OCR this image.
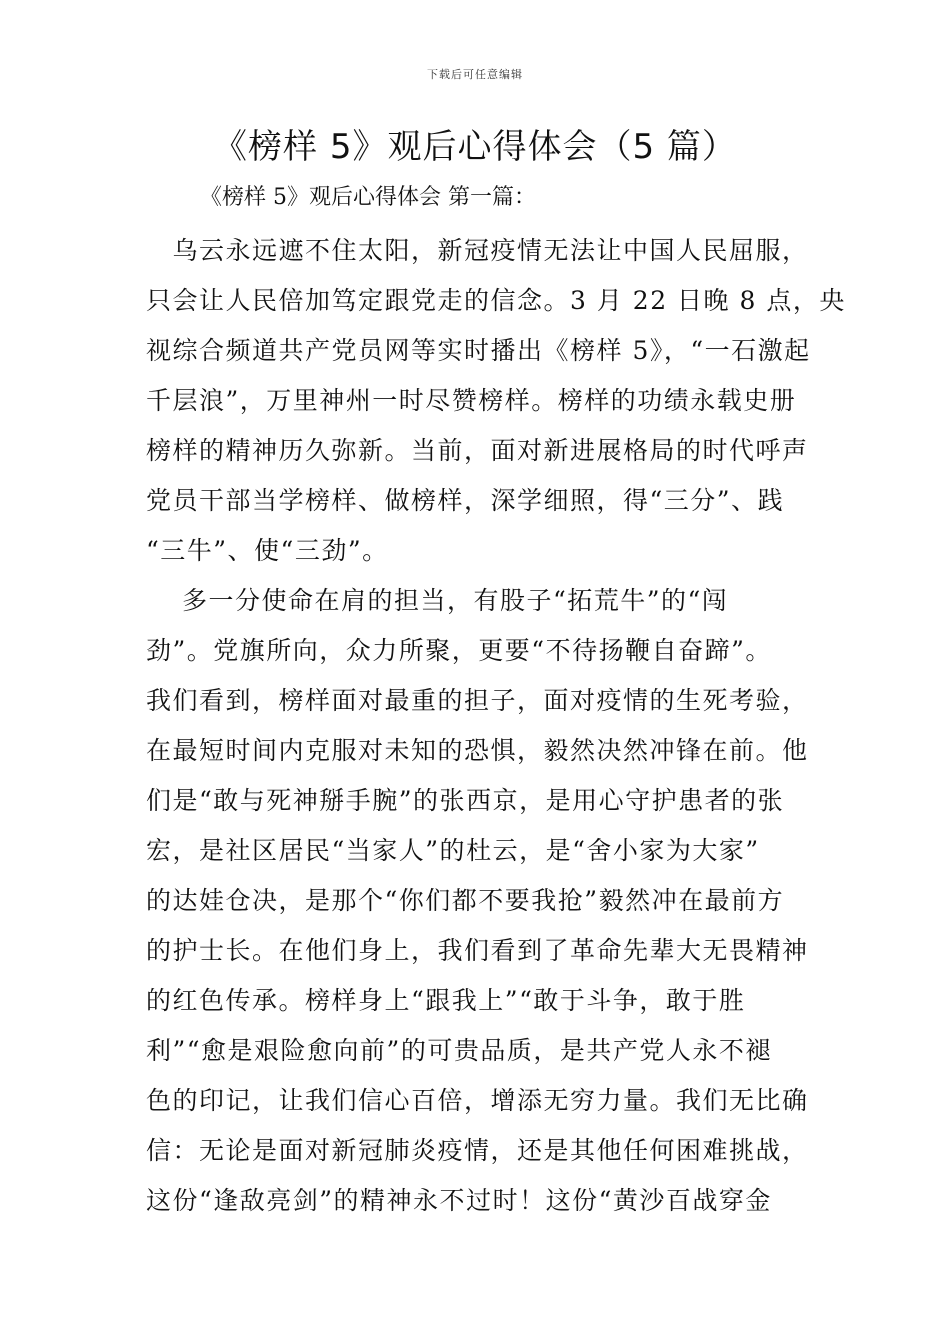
下载后可任意编辑
《榜样 5》观后心得体会（5 篇）
《榜样 5》观后心得体会 第一篇：
　乌云永远遮不住太阳，新冠疫情无法让中国人民屈服，
只会让人民倍加笃定跟党走的信念。3 月 22 日晚 8 点，央
视综合频道共产党员网等实时播出《榜样 5》，“一石激起
千层浪”，万里神州一时尽赞榜样。榜样的功绩永载史册
榜样的精神历久弥新。当前，面对新进展格局的时代呼声
党员干部当学榜样、做榜样，深学细照，得“三分”、践
“三牛”、使“三劲”。
　 多一分使命在肩的担当，有股子“拓荒牛”的“闯
劲”。党旗所向，众力所聚，更要“不待扬鞭自奋蹄”。
我们看到，榜样面对最重的担子，面对疫情的生死考验，
在最短时间内克服对未知的恐惧，毅然决然冲锋在前。他
们是“敢与死神掰手腕”的张西京，是用心守护患者的张
宏，是社区居民“当家人”的杜云，是“舍小家为大家”
的达娃仓决，是那个“你们都不要我抢”毅然冲在最前方
的护士长。在他们身上，我们看到了革命先辈大无畏精神
的红色传承。榜样身上“跟我上”“敢于斗争，敢于胜
利”“愈是艰险愈向前”的可贵品质，是共产党人永不褪
色的印记，让我们信心百倍，增添无穷力量。我们无比确
信：无论是面对新冠肺炎疫情，还是其他任何困难挑战，
这份“逢敌亮剑”的精神永不过时！这份“黄沙百战穿金
